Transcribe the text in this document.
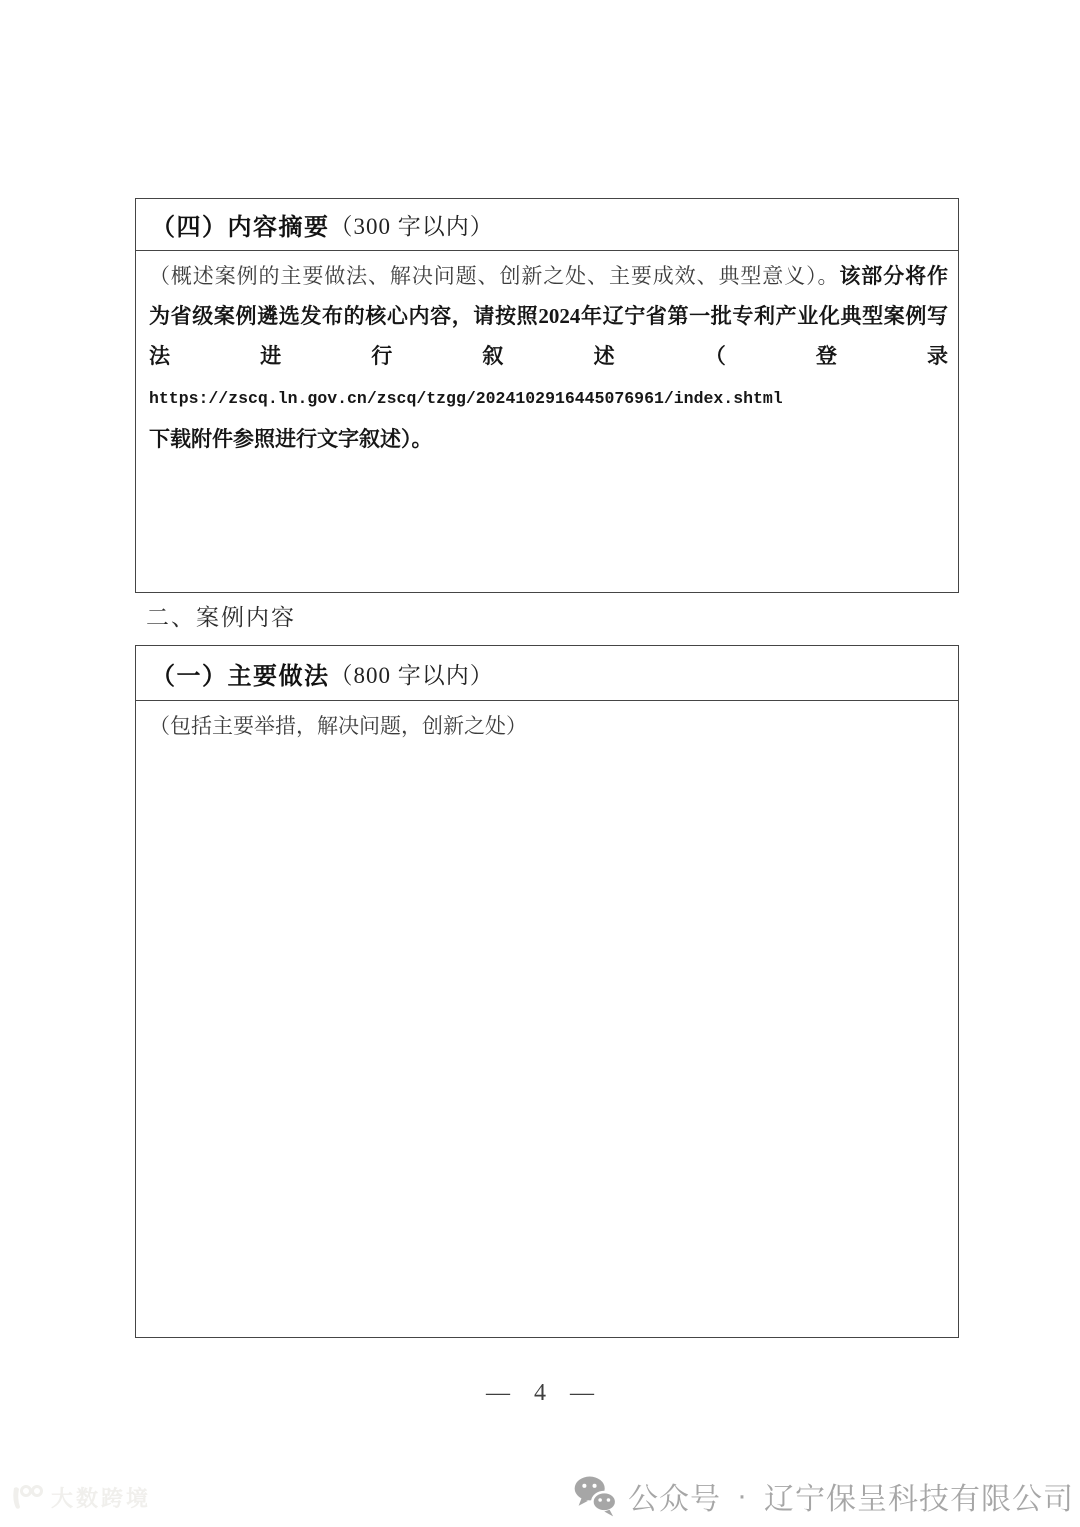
（四）内容摘要 （300 字以内）
（概述案例的主要做法、解决问题、创新之处、主要成效、典型意义）。该部分将作
为省级案例遴选发布的核心内容，请按照2024年辽宁省第一批专利产业化典型案例写
法进行叙述（登录https://zscq.ln.gov.cn/zscq/tzgg/2024102916445076961/index.shtml
下载附件参照进行文字叙述）。
二、案例内容
（一）主要做法 （800 字以内）
（包括主要举措，解决问题，创新之处）
— 4 —
公众号 · 辽宁保呈科技有限公司
大数跨境
